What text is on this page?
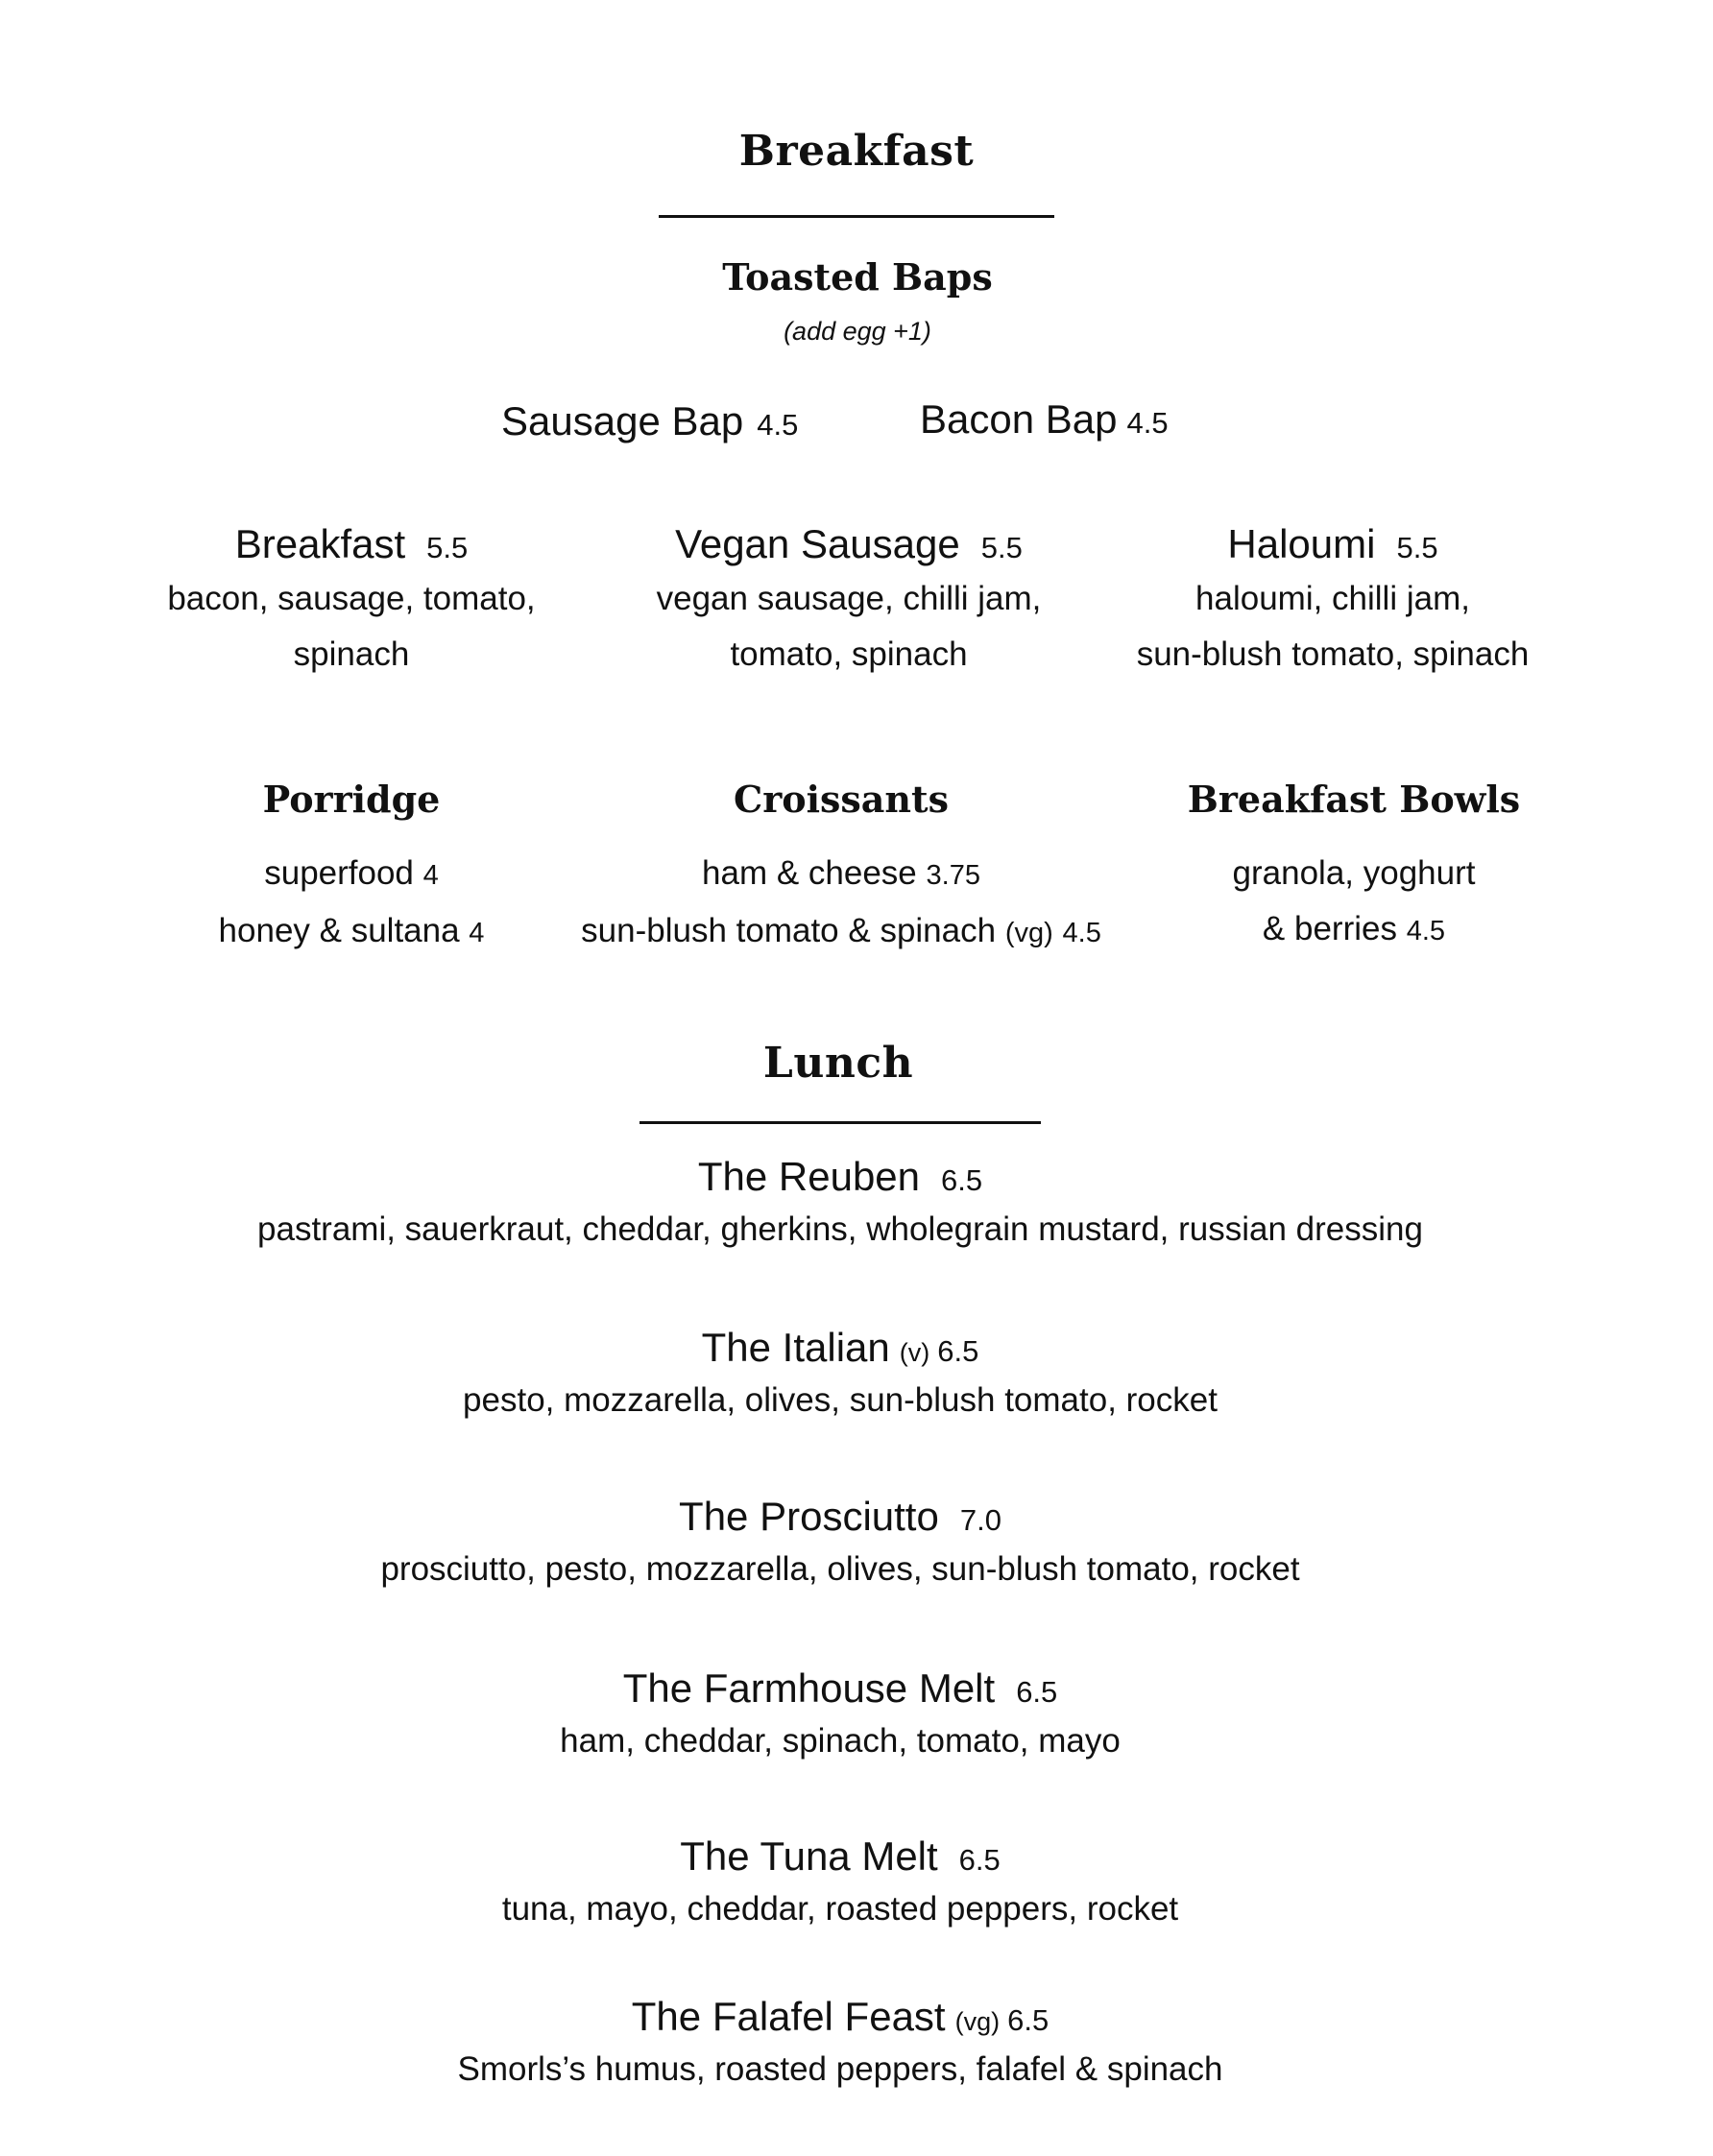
Breakfast
Toasted Baps
(add egg +1)
Sausage Bap 4.5	Bacon Bap 4.5
Breakfast 5.5
bacon, sausage, tomato,
spinach
Vegan Sausage 5.5
vegan sausage, chilli jam,
tomato, spinach
Haloumi 5.5
haloumi, chilli jam,
sun-blush tomato, spinach
Porridge
superfood 4
honey & sultana 4
Croissants
ham & cheese 3.75
sun-blush tomato & spinach (vg) 4.5
Breakfast Bowls
granola, yoghurt
& berries 4.5
Lunch
The Reuben 6.5
pastrami, sauerkraut, cheddar, gherkins, wholegrain mustard, russian dressing
The Italian (v) 6.5
pesto, mozzarella, olives, sun-blush tomato, rocket
The Prosciutto 7.0
prosciutto, pesto, mozzarella, olives, sun-blush tomato, rocket
The Farmhouse Melt 6.5
ham, cheddar, spinach, tomato, mayo
The Tuna Melt 6.5
tuna, mayo, cheddar, roasted peppers, rocket
The Falafel Feast (vg) 6.5
Smorls’s humus, roasted peppers, falafel & spinach
